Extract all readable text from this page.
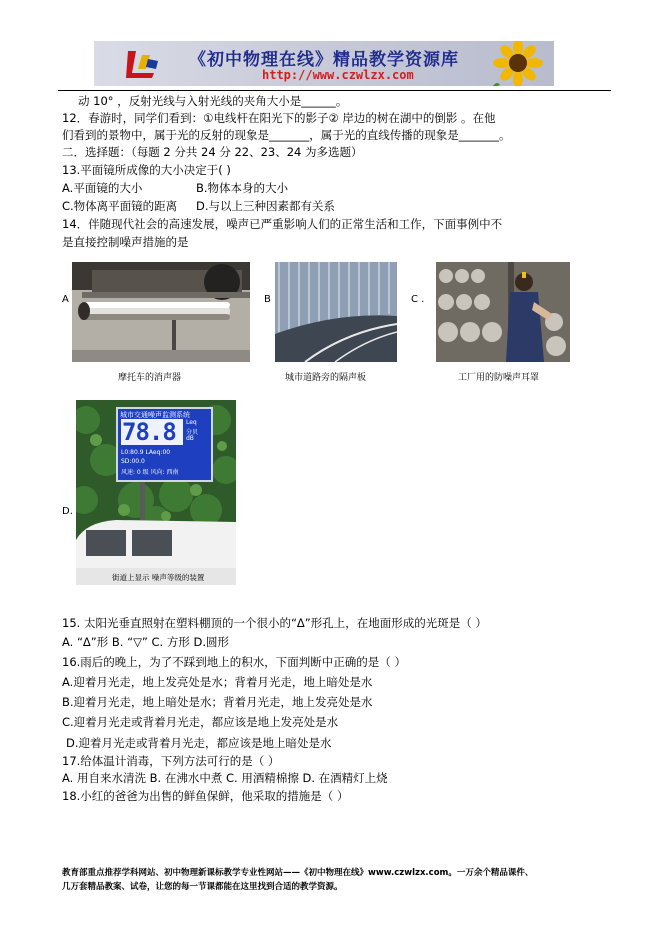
《初中物理在线》精品教学资源库
http://www.czwlzx.com
动 10° ，反射光线与入射光线的夹角大小是______。
12．春游时，同学们看到：①电线杆在阳光下的影子② 岸边的树在湖中的倒影 。在他
们看到的景物中，属于光的反射的现象是_______，属于光的直线传播的现象是_______。
二．选择题：（每题 2 分共 24 分 22、23、24 为多选题）
13.平面镜所成像的大小决定于( )
A.平面镜的大小	B.物体本身的大小
C.物体离平面镜的距离 D.与以上三种因素都有关系
14．伴随现代社会的高速发展，噪声已严重影响人们的正常生活和工作，下面事例中不
是直接控制噪声措施的是
A
摩托车的消声器
B
城市道路旁的隔声板
C .
工厂用的防噪声耳罩
D.
城市交通噪声监测系统
78.8 Leq
分贝
dB
L0:80.9 LAeq:00
SD:00.0
风速: 0 级 风向: 西南
街道上显示 噪声等级的装置
15. 太阳光垂直照射在塑料棚顶的一个很小的“Δ”形孔上，在地面形成的光斑是（ ）
A. “Δ”形 B. “▽” C. 方形 D.圆形
16.雨后的晚上，为了不踩到地上的积水，下面判断中正确的是（ ）
A.迎着月光走，地上发亮处是水；背着月光走，地上暗处是水
B.迎着月光走，地上暗处是水；背着月光走，地上发亮处是水
C.迎着月光走或背着月光走，都应该是地上发亮处是水
D.迎着月光走或背着月光走，都应该是地上暗处是水
17.给体温计消毒，下列方法可行的是（ ）
A. 用自来水清洗 B. 在沸水中煮 C. 用酒精棉擦 D. 在酒精灯上烧
18.小红的爸爸为出售的鲜鱼保鲜，他采取的措施是（ ）
教育部重点推荐学科网站、初中物理新课标教学专业性网站——《初中物理在线》www.czwlzx.com。一万余个精品课件、
几万套精品教案、试卷，让您的每一节课都能在这里找到合适的教学资源。
